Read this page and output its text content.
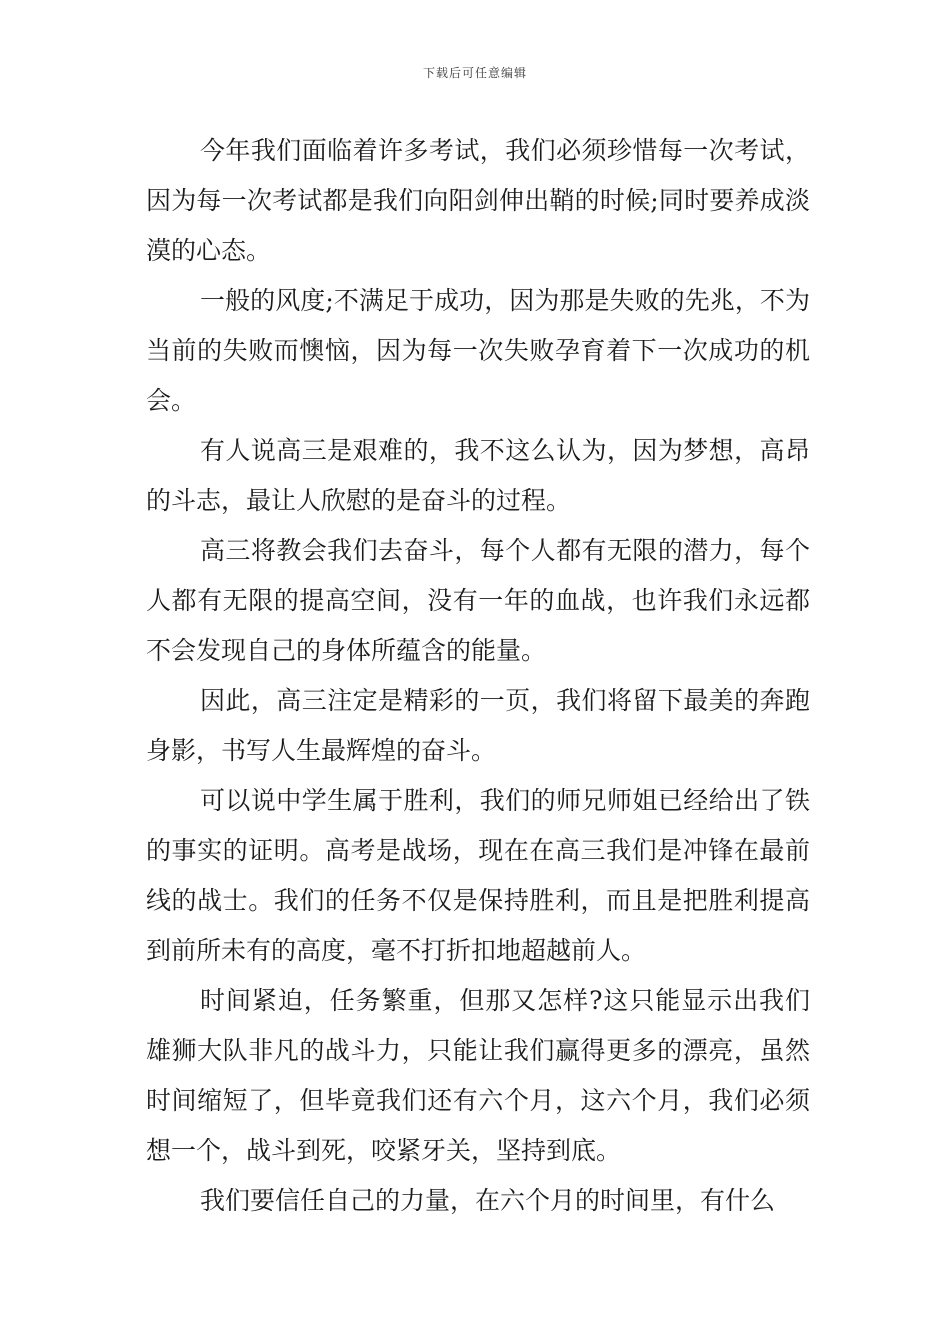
下载后可任意编辑

今年我们面临着许多考试，我们必须珍惜每一次考试，因为每一次考试都是我们向阳剑伸出鞘的时候;同时要养成淡漠的心态。

一般的风度;不满足于成功，因为那是失败的先兆，不为当前的失败而懊恼，因为每一次失败孕育着下一次成功的机会。

有人说高三是艰难的，我不这么认为，因为梦想，高昂的斗志，最让人欣慰的是奋斗的过程。

高三将教会我们去奋斗，每个人都有无限的潜力，每个人都有无限的提高空间，没有一年的血战，也许我们永远都不会发现自己的身体所蕴含的能量。

因此，高三注定是精彩的一页，我们将留下最美的奔跑身影，书写人生最辉煌的奋斗。

可以说中学生属于胜利，我们的师兄师姐已经给出了铁的事实的证明。高考是战场，现在在高三我们是冲锋在最前线的战士。我们的任务不仅是保持胜利，而且是把胜利提高到前所未有的高度，毫不打折扣地超越前人。

时间紧迫，任务繁重，但那又怎样?这只能显示出我们雄狮大队非凡的战斗力，只能让我们赢得更多的漂亮，虽然时间缩短了，但毕竟我们还有六个月，这六个月，我们必须想一个，战斗到死，咬紧牙关，坚持到底。

我们要信任自己的力量，在六个月的时间里，有什么
